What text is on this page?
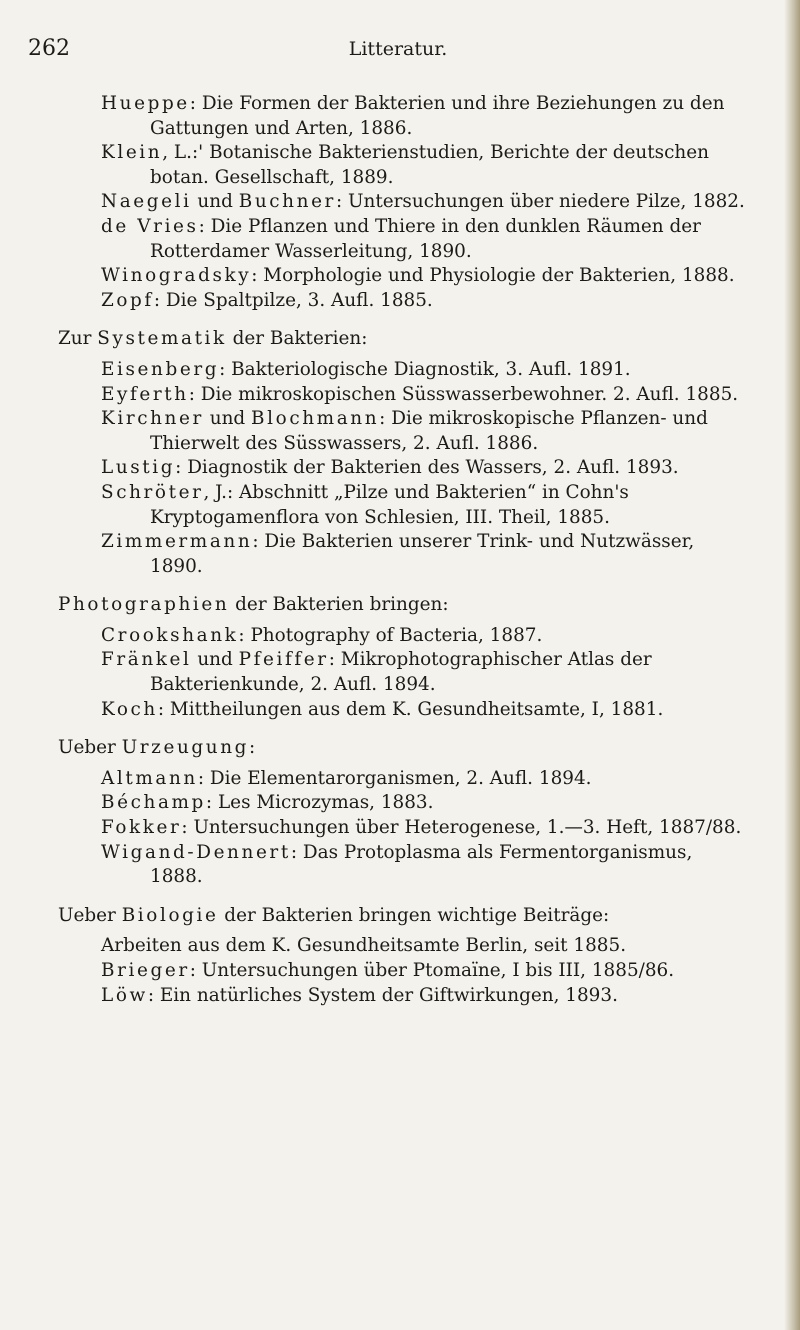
262	Litteratur.

Hueppe: Die Formen der Bakterien und ihre Beziehungen zu den Gattungen und Arten, 1886.

Klein, L.:' Botanische Bakterienstudien, Berichte der deutschen botan. Gesellschaft, 1889.

Naegeli und Buchner: Untersuchungen über niedere Pilze, 1882.

de Vries: Die Pflanzen und Thiere in den dunklen Räumen der Rotterdamer Wasserleitung, 1890.

Winogradsky: Morphologie und Physiologie der Bakterien, 1888.

Zopf: Die Spaltpilze, 3. Aufl. 1885.

Zur Systematik der Bakterien:

Eisenberg: Bakteriologische Diagnostik, 3. Aufl. 1891.

Eyferth: Die mikroskopischen Süsswasserbewohner. 2. Aufl. 1885.

Kirchner und Blochmann: Die mikroskopische Pflanzen- und Thierwelt des Süsswassers, 2. Aufl. 1886.

Lustig: Diagnostik der Bakterien des Wassers, 2. Aufl. 1893.

Schröter, J.: Abschnitt „Pilze und Bakterien“ in Cohn's Kryptogamenflora von Schlesien, III. Theil, 1885.

Zimmermann: Die Bakterien unserer Trink- und Nutzwässer, 1890.

Photographien der Bakterien bringen:

Crookshank: Photography of Bacteria, 1887.

Fränkel und Pfeiffer: Mikrophotographischer Atlas der Bakterienkunde, 2. Aufl. 1894.

Koch: Mittheilungen aus dem K. Gesundheitsamte, I, 1881.

Ueber Urzeugung:

Altmann: Die Elementarorganismen, 2. Aufl. 1894.

Béchamp: Les Microzymas, 1883.

Fokker: Untersuchungen über Heterogenese, 1.—3. Heft, 1887/88.

Wigand-Dennert: Das Protoplasma als Fermentorganismus, 1888.

Ueber Biologie der Bakterien bringen wichtige Beiträge:

Arbeiten aus dem K. Gesundheitsamte Berlin, seit 1885.

Brieger: Untersuchungen über Ptomaïne, I bis III, 1885/86.

Löw: Ein natürliches System der Giftwirkungen, 1893.
